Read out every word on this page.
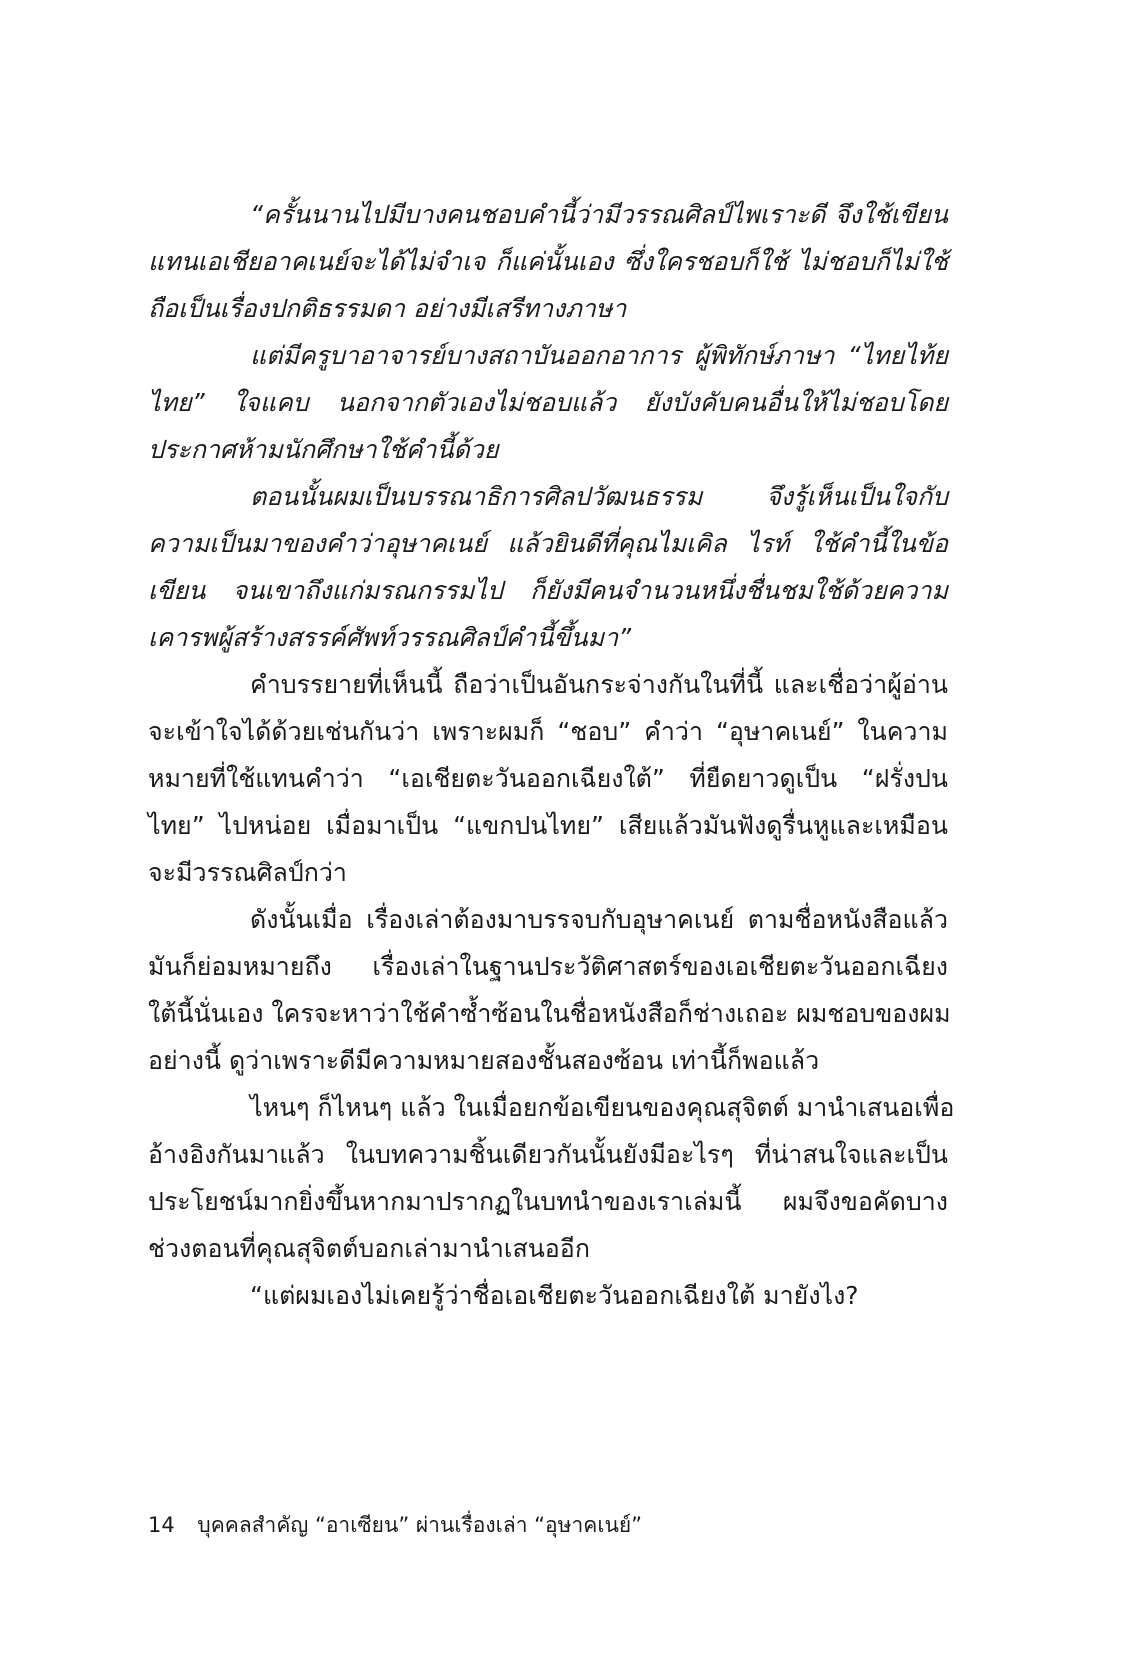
“ครั้นนานไปมีบางคนชอบคำนี้ว่ามีวรรณศิลป์ไพเราะดี จึงใช้เขียน
แทนเอเชียอาคเนย์จะได้ไม่จำเจ ก็แค่นั้นเอง ซึ่งใครชอบก็ใช้ ไม่ชอบก็ไม่ใช้
ถือเป็นเรื่องปกติธรรมดา อย่างมีเสรีทางภาษา
แต่มีครูบาอาจารย์บางสถาบันออกอาการ ผู้พิทักษ์ภาษา “ไทยไท้ย
ไทย” ใจแคบ นอกจากตัวเองไม่ชอบแล้ว ยังบังคับคนอื่นให้ไม่ชอบโดย
ประกาศห้ามนักศึกษาใช้คำนี้ด้วย
ตอนนั้นผมเป็นบรรณาธิการศิลปวัฒนธรรม จึงรู้เห็นเป็นใจกับ
ความเป็นมาของคำว่าอุษาคเนย์ แล้วยินดีที่คุณไมเคิล ไรท์ ใช้คำนี้ในข้อ
เขียน จนเขาถึงแก่มรณกรรมไป ก็ยังมีคนจำนวนหนึ่งชื่นชมใช้ด้วยความ
เคารพผู้สร้างสรรค์ศัพท์วรรณศิลป์คำนี้ขึ้นมา”
คำบรรยายที่เห็นนี้ ถือว่าเป็นอันกระจ่างกันในที่นี้ และเชื่อว่าผู้อ่าน
จะเข้าใจได้ด้วยเช่นกันว่า เพราะผมก็ “ชอบ” คำว่า “อุษาคเนย์” ในความ
หมายที่ใช้แทนคำว่า “เอเชียตะวันออกเฉียงใต้” ที่ยืดยาวดูเป็น “ฝรั่งปน
ไทย” ไปหน่อย เมื่อมาเป็น “แขกปนไทย” เสียแล้วมันฟังดูรื่นหูและเหมือน
จะมีวรรณศิลป์กว่า
ดังนั้นเมื่อ เรื่องเล่าต้องมาบรรจบกับอุษาคเนย์ ตามชื่อหนังสือแล้ว
มันก็ย่อมหมายถึง เรื่องเล่าในฐานประวัติศาสตร์ของเอเชียตะวันออกเฉียง
ใต้นี้นั่นเอง ใครจะหาว่าใช้คำซ้ำซ้อนในชื่อหนังสือก็ช่างเถอะ ผมชอบของผม
อย่างนี้ ดูว่าเพราะดีมีความหมายสองชั้นสองซ้อน เท่านี้ก็พอแล้ว
ไหนๆ ก็ไหนๆ แล้ว ในเมื่อยกข้อเขียนของคุณสุจิตต์ มานำเสนอเพื่อ
อ้างอิงกันมาแล้ว ในบทความชิ้นเดียวกันนั้นยังมีอะไรๆ ที่น่าสนใจและเป็น
ประโยชน์มากยิ่งขึ้นหากมาปรากฏในบทนำของเราเล่มนี้ ผมจึงขอคัดบาง
ช่วงตอนที่คุณสุจิตต์บอกเล่ามานำเสนออีก
“แต่ผมเองไม่เคยรู้ว่าชื่อเอเชียตะวันออกเฉียงใต้ มายังไง?
14 บุคคลสำคัญ “อาเซียน” ผ่านเรื่องเล่า “อุษาคเนย์”
